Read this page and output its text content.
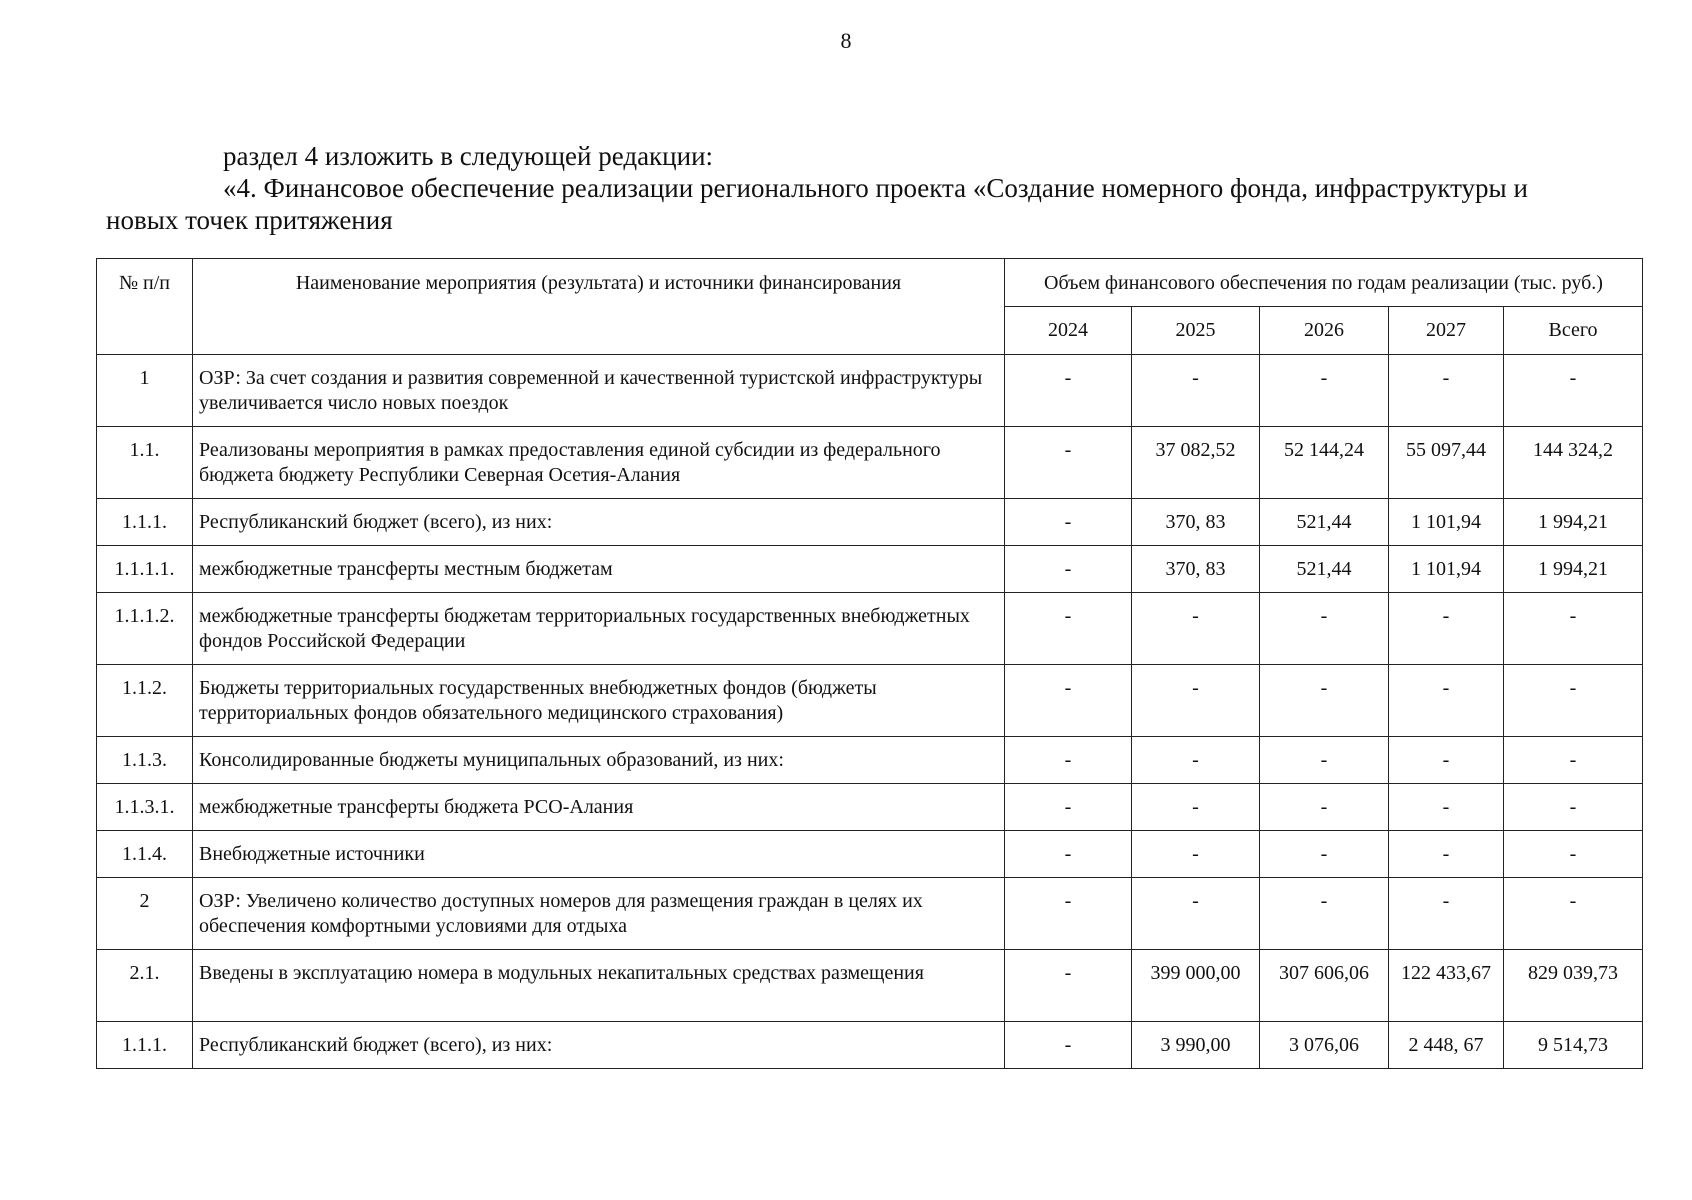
8
раздел 4 изложить в следующей редакции:
«4. Финансовое обеспечение реализации регионального проекта «Создание номерного фонда, инфраструктуры и новых точек притяжения
№ п/п	Наименование мероприятия (результата) и источники финансирования	Объем финансового обеспечения по годам реализации (тыс. руб.)				
		2024	2025	2026	2027	Всего
1	ОЗР: За счет создания и развития современной и качественной туристской инфраструктуры увеличивается число новых поездок	-	-	-	-	-
1.1.	Реализованы мероприятия в рамках предоставления единой субсидии из федерального бюджета бюджету Республики Северная Осетия-Алания	-	37 082,52	52 144,24	55 097,44	144 324,2
1.1.1.	Республиканский бюджет (всего), из них:	-	370, 83	521,44	1 101,94	1 994,21
1.1.1.1.	межбюджетные трансферты местным бюджетам	-	370, 83	521,44	1 101,94	1 994,21
1.1.1.2.	межбюджетные трансферты бюджетам территориальных государственных внебюджетных фондов Российской Федерации	-	-	-	-	-
1.1.2.	Бюджеты территориальных государственных внебюджетных фондов (бюджеты территориальных фондов обязательного медицинского страхования)	-	-	-	-	-
1.1.3.	Консолидированные бюджеты муниципальных образований, из них:	-	-	-	-	-
1.1.3.1.	межбюджетные трансферты бюджета РСО-Алания	-	-	-	-	-
1.1.4.	Внебюджетные источники	-	-	-	-	-
2	ОЗР: Увеличено количество доступных номеров для размещения граждан в целях их обеспечения комфортными условиями для отдыха	-	-	-	-	-
2.1.	Введены в эксплуатацию номера в модульных некапитальных средствах размещения	-	399 000,00	307 606,06	122 433,67	829 039,73
1.1.1.	Республиканский бюджет (всего), из них:	-	3 990,00	3 076,06	2 448, 67	9 514,73
